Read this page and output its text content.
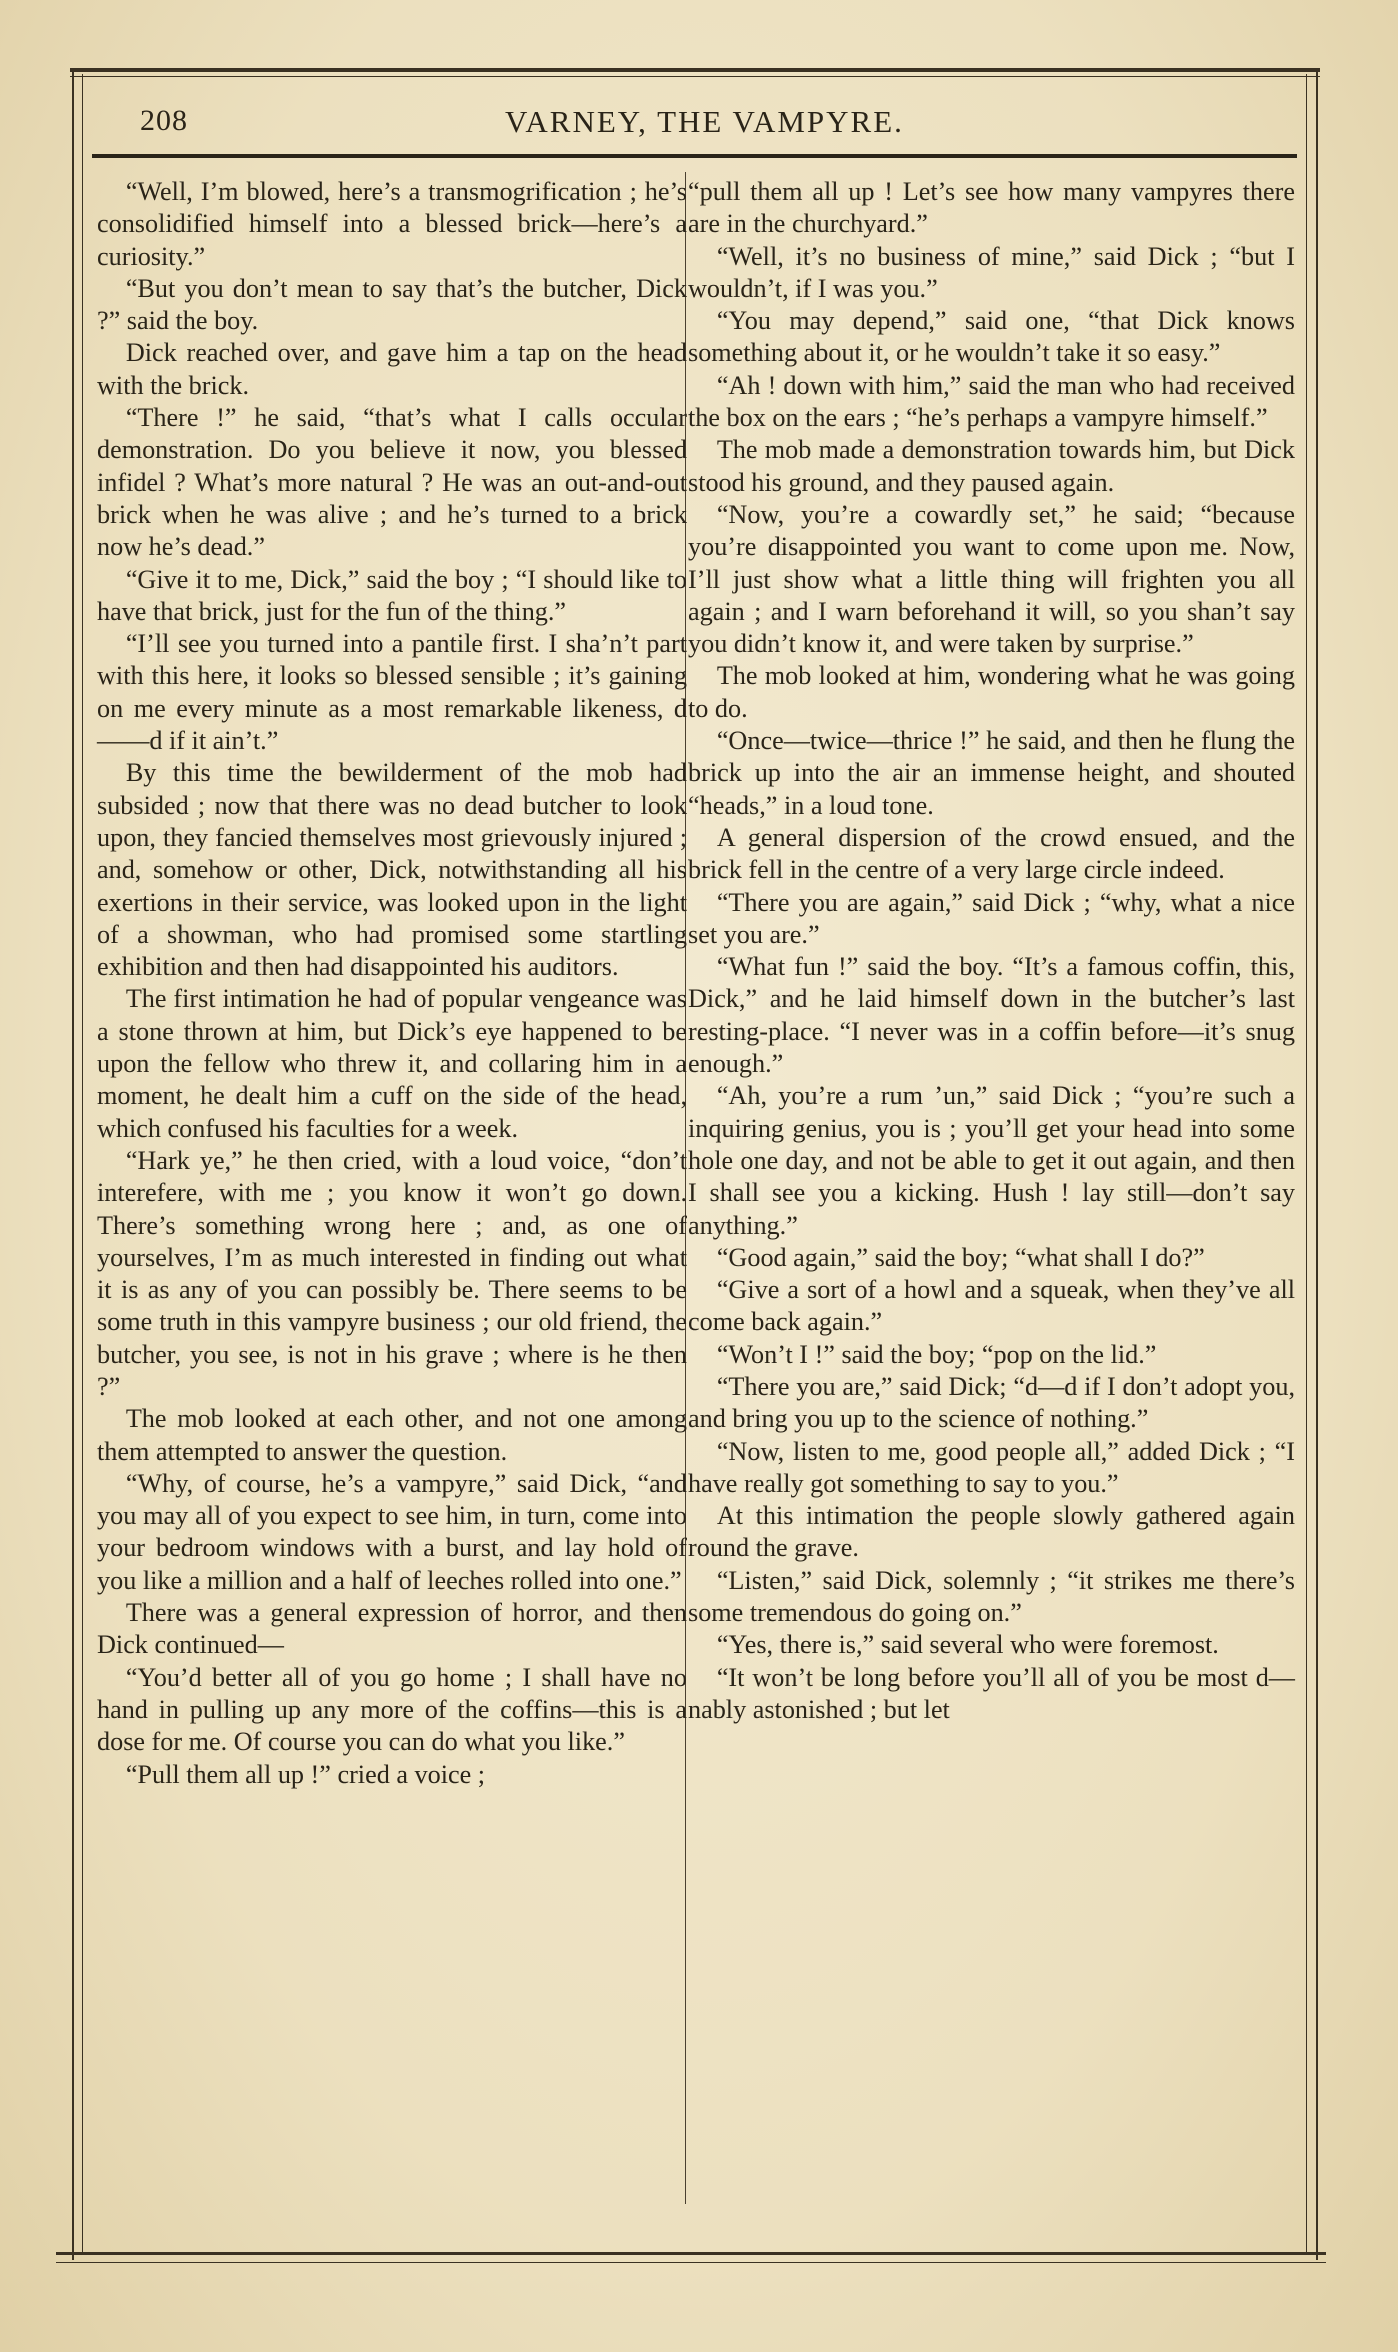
208	VARNEY, THE VAMPYRE.

“Well, I’m blowed, here’s a transmogrification ; he’s consolidified himself into a blessed brick—here’s a curiosity.”

“But you don’t mean to say that’s the butcher, Dick ?” said the boy.

Dick reached over, and gave him a tap on the head with the brick.

“There !” he said, “that’s what I calls occular demonstration. Do you believe it now, you blessed infidel ? What’s more natural ? He was an out-and-out brick when he was alive ; and he’s turned to a brick now he’s dead.”

“Give it to me, Dick,” said the boy ; “I should like to have that brick, just for the fun of the thing.”

“I’ll see you turned into a pantile first. I sha’n’t part with this here, it looks so blessed sensible ; it’s gaining on me every minute as a most remarkable likeness, d——d if it ain’t.”

By this time the bewilderment of the mob had subsided ; now that there was no dead butcher to look upon, they fancied themselves most grievously injured ; and, somehow or other, Dick, notwithstanding all his exertions in their service, was looked upon in the light of a showman, who had promised some startling exhibition and then had disappointed his auditors.

The first intimation he had of popular vengeance was a stone thrown at him, but Dick’s eye happened to be upon the fellow who threw it, and collaring him in a moment, he dealt him a cuff on the side of the head, which confused his faculties for a week.

“Hark ye,” he then cried, with a loud voice, “don’t interefere, with me ; you know it won’t go down. There’s something wrong here ; and, as one of yourselves, I’m as much interested in finding out what it is as any of you can possibly be. There seems to be some truth in this vampyre business ; our old friend, the butcher, you see, is not in his grave ; where is he then ?”

The mob looked at each other, and not one among them attempted to answer the question.

“Why, of course, he’s a vampyre,” said Dick, “and you may all of you expect to see him, in turn, come into your bedroom windows with a burst, and lay hold of you like a million and a half of leeches rolled into one.”

There was a general expression of horror, and then Dick continued—

“You’d better all of you go home ; I shall have no hand in pulling up any more of the coffins—this is a dose for me. Of course you can do what you like.”

“Pull them all up !” cried a voice ;

“pull them all up ! Let’s see how many vampyres there are in the churchyard.”

“Well, it’s no business of mine,” said Dick ; “but I wouldn’t, if I was you.”

“You may depend,” said one, “that Dick knows something about it, or he wouldn’t take it so easy.”

“Ah ! down with him,” said the man who had received the box on the ears ; “he’s perhaps a vampyre himself.”

The mob made a demonstration towards him, but Dick stood his ground, and they paused again.

“Now, you’re a cowardly set,” he said; “because you’re disappointed you want to come upon me. Now, I’ll just show what a little thing will frighten you all again ; and I warn beforehand it will, so you shan’t say you didn’t know it, and were taken by surprise.”

The mob looked at him, wondering what he was going to do.

“Once—twice—thrice !” he said, and then he flung the brick up into the air an immense height, and shouted “heads,” in a loud tone.

A general dispersion of the crowd ensued, and the brick fell in the centre of a very large circle indeed.

“There you are again,” said Dick ; “why, what a nice set you are.”

“What fun !” said the boy. “It’s a famous coffin, this, Dick,” and he laid himself down in the butcher’s last resting-place. “I never was in a coffin before—it’s snug enough.”

“Ah, you’re a rum ’un,” said Dick ; “you’re such a inquiring genius, you is ; you’ll get your head into some hole one day, and not be able to get it out again, and then I shall see you a kicking. Hush ! lay still—don’t say anything.”

“Good again,” said the boy; “what shall I do?”

“Give a sort of a howl and a squeak, when they’ve all come back again.”

“Won’t I !” said the boy; “pop on the lid.”

“There you are,” said Dick; “d—d if I don’t adopt you, and bring you up to the science of nothing.”

“Now, listen to me, good people all,” added Dick ; “I have really got something to say to you.”

At this intimation the people slowly gathered again round the grave.

“Listen,” said Dick, solemnly ; “it strikes me there’s some tremendous do going on.”

“Yes, there is,” said several who were foremost.

“It won’t be long before you’ll all of you be most d—nably astonished ; but let
